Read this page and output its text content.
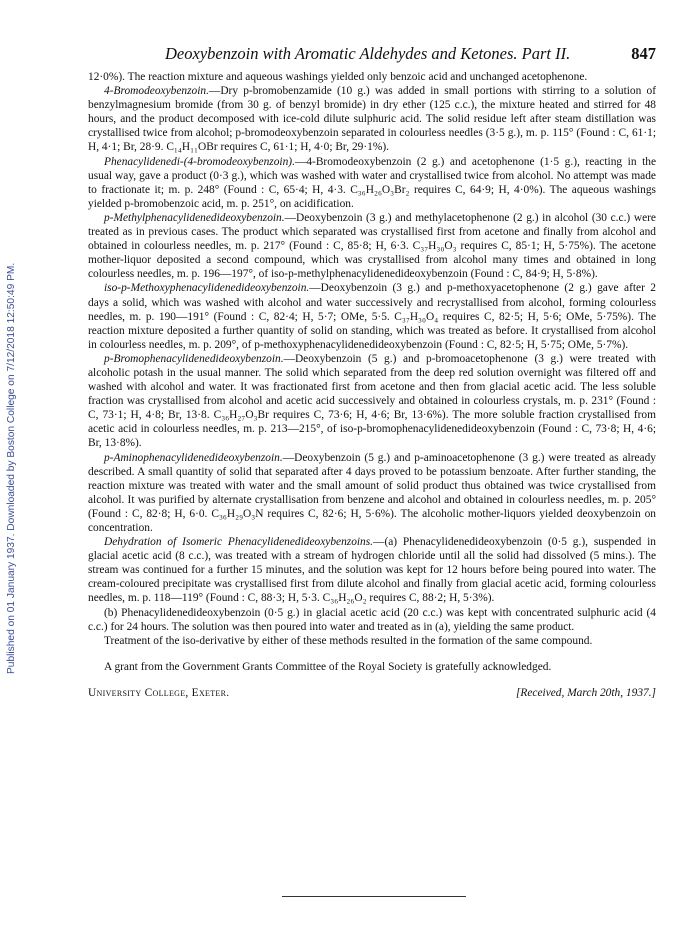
Deoxybenzoin with Aromatic Aldehydes and Ketones. Part II.	847
Published on 01 January 1937. Downloaded by Boston College on 7/12/2018 12:50:49 PM.

12·0%). The reaction mixture and aqueous washings yielded only benzoic acid and unchanged acetophenone.

4-Bromodeoxybenzoin.—Dry p-bromobenzamide (10 g.) was added in small portions with stirring to a solution of benzylmagnesium bromide (from 30 g. of benzyl bromide) in dry ether (125 c.c.), the mixture heated and stirred for 48 hours, and the product decomposed with ice-cold dilute sulphuric acid. The solid residue left after steam distillation was crystallised twice from alcohol; p-bromodeoxybenzoin separated in colourless needles (3·5 g.), m. p. 115° (Found : C, 61·1; H, 4·1; Br, 28·9. C₁₄H₁₁OBr requires C, 61·1; H, 4·0; Br, 29·1%).

Phenacylidenedi-(4-bromodeoxybenzoin).—4-Bromodeoxybenzoin (2 g.) and acetophenone (1·5 g.), reacting in the usual way, gave a product (0·3 g.), which was washed with water and crystallised twice from alcohol. No attempt was made to fractionate it; m. p. 248° (Found : C, 65·4; H, 4·3. C₃₆H₂₆O₃Br₂ requires C, 64·9; H, 4·0%). The aqueous washings yielded p-bromobenzoic acid, m. p. 251°, on acidification.

p-Methylphenacylidenedideoxybenzoin.—Deoxybenzoin (3 g.) and methylacetophenone (2 g.) in alcohol (30 c.c.) were treated as in previous cases. The product which separated was crystallised first from acetone and finally from alcohol and obtained in colourless needles, m. p. 217° (Found : C, 85·8; H, 6·3. C₃₇H₃₀O₃ requires C, 85·1; H, 5·75%). The acetone mother-liquor deposited a second compound, which was crystallised from alcohol many times and obtained in long colourless needles, m. p. 196—197°, of iso-p-methylphenacylidenedideoxybenzoin (Found : C, 84·9; H, 5·8%).

iso-p-Methoxyphenacylidenedideoxybenzoin.—Deoxybenzoin (3 g.) and p-methoxyacetophenone (2 g.) gave after 2 days a solid, which was washed with alcohol and water successively and recrystallised from alcohol, forming colourless needles, m. p. 190—191° (Found : C, 82·4; H, 5·7; OMe, 5·5. C₃₇H₃₀O₄ requires C, 82·5; H, 5·6; OMe, 5·75%). The reaction mixture deposited a further quantity of solid on standing, which was treated as before. It crystallised from alcohol in colourless needles, m. p. 209°, of p-methoxyphenacylidenedideoxybenzoin (Found : C, 82·5; H, 5·75; OMe, 5·7%).

p-Bromophenacylidenedideoxybenzoin.—Deoxybenzoin (5 g.) and p-bromoacetophenone (3 g.) were treated with alcoholic potash in the usual manner. The solid which separated from the deep red solution overnight was filtered off and washed with alcohol and water. It was fractionated first from acetone and then from glacial acetic acid. The less soluble fraction was crystallised from alcohol and acetic acid successively and obtained in colourless crystals, m. p. 231° (Found : C, 73·1; H, 4·8; Br, 13·8. C₃₆H₂₇O₃Br requires C, 73·6; H, 4·6; Br, 13·6%). The more soluble fraction crystallised from acetic acid in colourless needles, m. p. 213—215°, of iso-p-bromophenacylidenedideoxybenzoin (Found : C, 73·8; H, 4·6; Br, 13·8%).

p-Aminophenacylidenedideoxybenzoin.—Deoxybenzoin (5 g.) and p-aminoacetophenone (3 g.) were treated as already described. A small quantity of solid that separated after 4 days proved to be potassium benzoate. After further standing, the reaction mixture was treated with water and the small amount of solid product thus obtained was twice crystallised from alcohol. It was purified by alternate crystallisation from benzene and alcohol and obtained in colourless needles, m. p. 205° (Found : C, 82·8; H, 6·0. C₃₆H₂₉O₃N requires C, 82·6; H, 5·6%). The alcoholic mother-liquors yielded deoxybenzoin on concentration.

Dehydration of Isomeric Phenacylidenedideoxybenzoins.—(a) Phenacylidenedideoxybenzoin (0·5 g.), suspended in glacial acetic acid (8 c.c.), was treated with a stream of hydrogen chloride until all the solid had dissolved (5 mins.). The stream was continued for a further 15 minutes, and the solution was kept for 12 hours before being poured into water. The cream-coloured precipitate was crystallised first from dilute alcohol and finally from glacial acetic acid, forming colourless needles, m. p. 118—119° (Found : C, 88·3; H, 5·3. C₃₆H₂₆O₂ requires C, 88·2; H, 5·3%).

(b) Phenacylidenedideoxybenzoin (0·5 g.) in glacial acetic acid (20 c.c.) was kept with concentrated sulphuric acid (4 c.c.) for 24 hours. The solution was then poured into water and treated as in (a), yielding the same product.

Treatment of the iso-derivative by either of these methods resulted in the formation of the same compound.

A grant from the Government Grants Committee of the Royal Society is gratefully acknowledged.

University College, Exeter.	[Received, March 20th, 1937.]
